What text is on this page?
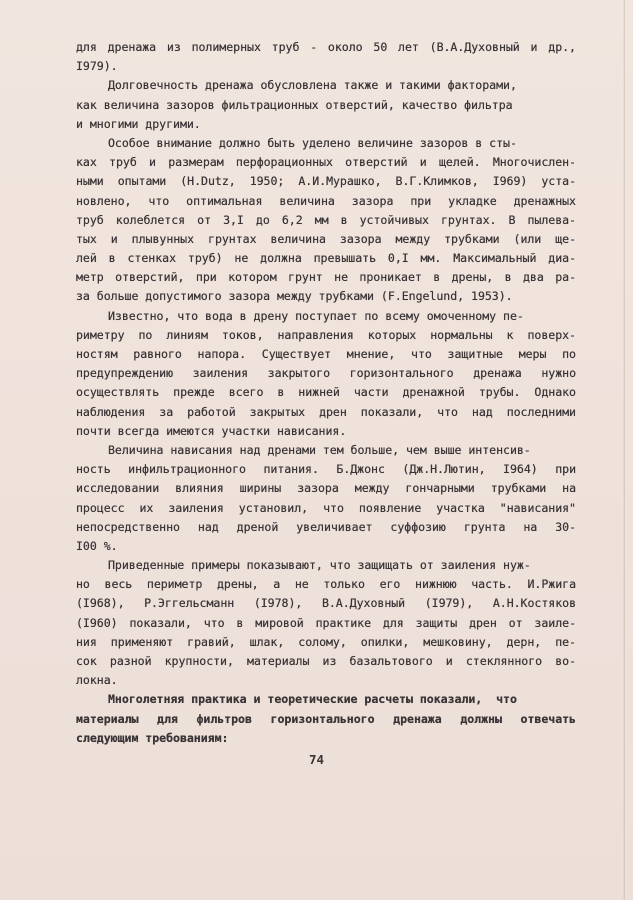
для дренажа из полимерных труб - около 50 лет (В.А.Духовный и др.,
I979).
Долговечность дренажа обусловлена также и такими факторами,
как величина зазоров фильтрационных отверстий, качество фильтра
и многими другими.
Особое внимание должно быть уделено величине зазоров в сты-
ках труб и размерам перфорационных отверстий и щелей. Многочислен-
ными опытами (H.Dutz, 1950; А.И.Мурашко, В.Г.Климков, I969) уста-
новлено, что оптимальная величина зазора при укладке дренажных
труб колеблется от 3,I до 6,2 мм в устойчивых грунтах. В пылева-
тых и плывунных грунтах величина зазора между трубками (или ще-
лей в стенках труб) не должна превышать 0,I мм. Максимальный диа-
метр отверстий, при котором грунт не проникает в дрены, в два ра-
за больше допустимого зазора между трубками (F.Engelund, 1953).
Известно, что вода в дрену поступает по всему омоченному пе-
риметру по линиям токов, направления которых нормальны к поверх-
ностям равного напора. Существует мнение, что защитные меры по
предупреждению заиления закрытого горизонтального дренажа нужно
осуществлять прежде всего в нижней части дренажной трубы. Однако
наблюдения за работой закрытых дрен показали, что над последними
почти всегда имеются участки нависания.
Величина нависания над дренами тем больше, чем выше интенсив-
ность инфильтрационного питания. Б.Джонс (Дж.Н.Лютин, I964) при
исследовании влияния ширины зазора между гончарными трубками на
процесс их заиления установил, что появление участка "нависания"
непосредственно над дреной увеличивает суффозию грунта на 30-
I00 %.
Приведенные примеры показывают, что защищать от заиления нуж-
но весь периметр дрены, а не только его нижнюю часть. И.Ржига
(I968), Р.Эггельсманн (I978), В.А.Духовный (I979), А.Н.Костяков
(I960) показали, что в мировой практике для защиты дрен от заиле-
ния применяют гравий, шлак, солому, опилки, мешковину, дерн, пе-
сок разной крупности, материалы из базальтового и стеклянного во-
локна.
Многолетняя практика и теоретические расчеты показали,  что
материалы для фильтров горизонтального дренажа должны отвечать
следующим требованиям:
74
